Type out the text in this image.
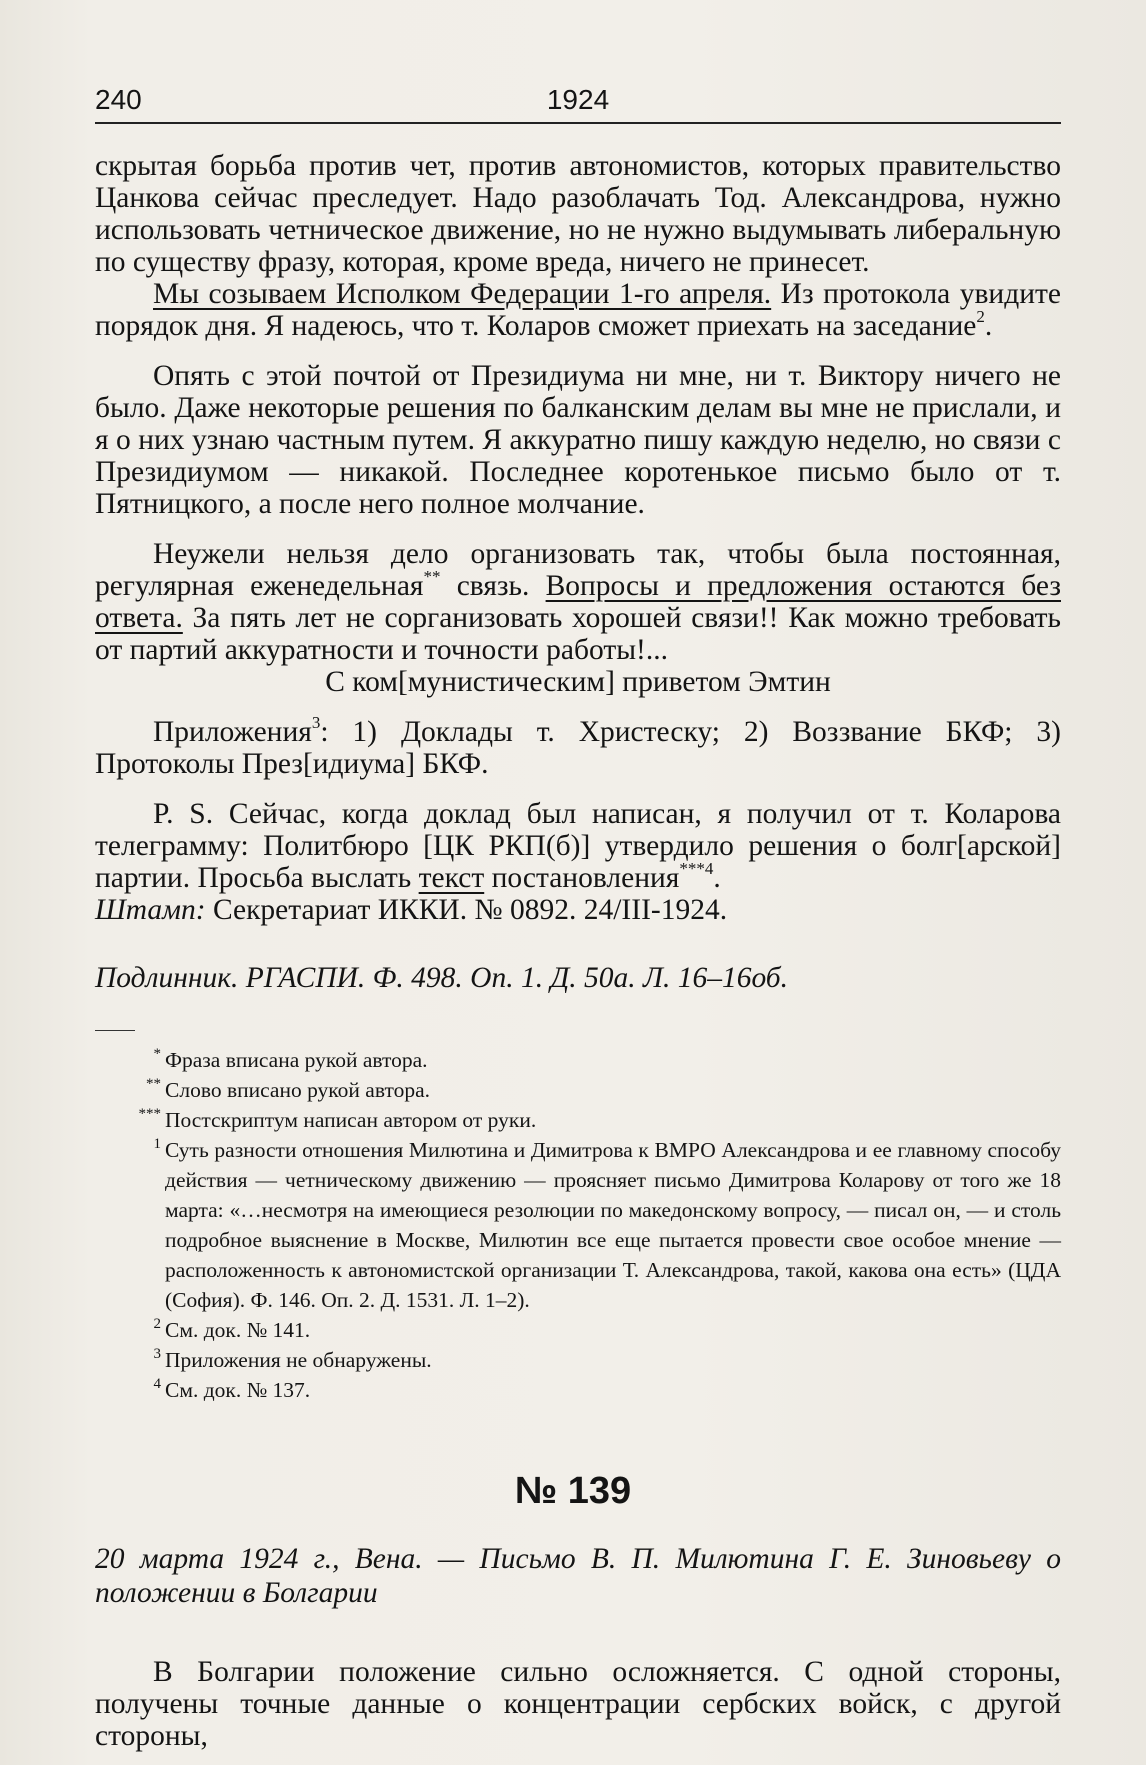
240	1924

скрытая борьба против чет, против автономистов, которых правительство Цанкова сейчас преследует. Надо разоблачать Тод. Александрова, нужно использовать четническое движение, но не нужно выдумывать либеральную по существу фразу, которая, кроме вреда, ничего не принесет.

Мы созываем Исполком Федерации 1-го апреля. Из протокола увидите порядок дня. Я надеюсь, что т. Коларов сможет приехать на заседание$^2$.

Опять с этой почтой от Президиума ни мне, ни т. Виктору ничего не было. Даже некоторые решения по балканским делам вы мне не прислали, и я о них узнаю частным путем. Я аккуратно пишу каждую неделю, но связи с Президиумом — никакой. Последнее коротенькое письмо было от т. Пятницкого, а после него полное молчание.

Неужели нельзя дело организовать так, чтобы была постоянная, регулярная еженедельная** связь. Вопросы и предложения остаются без ответа. За пять лет не сорганизовать хорошей связи!! Как можно требовать от партий аккуратности и точности работы!...

С ком[мунистическим] приветом Эмтин

Приложения$^3$: 1) Доклады т. Христеску; 2) Воззвание БКФ; 3) Протоколы През[идиума] БКФ.

P. S. Сейчас, когда доклад был написан, я получил от т. Коларова телеграмму: Политбюро [ЦК РКП(б)] утвердило решения о болг[арской] партии. Просьба выслать текст постановления$^{***4}$.

Штамп: Секретариат ИККИ. № 0892. 24/III-1924.

Подлинник. РГАСПИ. Ф. 498. Оп. 1. Д. 50а. Л. 16–16об.
* Фраза вписана рукой автора.
** Слово вписано рукой автора.
*** Постскриптум написан автором от руки.
1 Суть разности отношения Милютина и Димитрова к ВМРО Александрова и ее главному способу действия — четническому движению — проясняет письмо Димитрова Коларову от того же 18 марта: «…несмотря на имеющиеся резолюции по македонскому вопросу, — писал он, — и столь подробное выяснение в Москве, Милютин все еще пытается провести свое особое мнение — расположенность к автономистской организации Т. Александрова, такой, какова она есть» (ЦДА (София). Ф. 146. Оп. 2. Д. 1531. Л. 1–2).
2 См. док. № 141.
3 Приложения не обнаружены.
4 См. док. № 137.
№ 139
20 марта 1924 г., Вена. — Письмо В. П. Милютина Г. Е. Зиновьеву о положении в Болгарии
В Болгарии положение сильно осложняется. С одной стороны, получены точные данные о концентрации сербских войск, с другой стороны,
